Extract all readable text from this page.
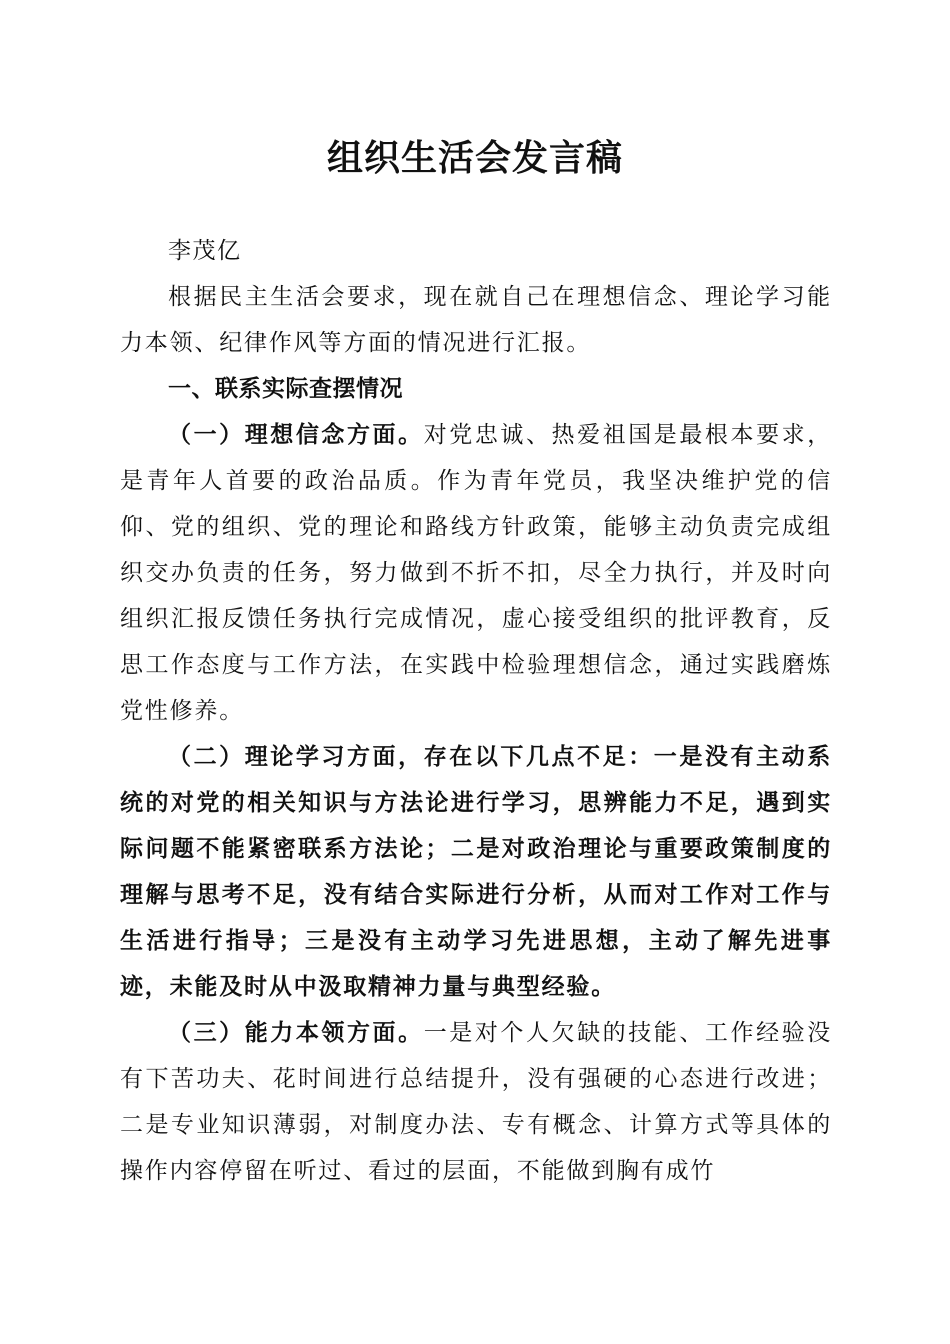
组织生活会发言稿

李茂亿

根据民主生活会要求，现在就自己在理想信念、理论学习能力本领、纪律作风等方面的情况进行汇报。

一、联系实际查摆情况

（一）理想信念方面。对党忠诚、热爱祖国是最根本要求，是青年人首要的政治品质。作为青年党员，我坚决维护党的信仰、党的组织、党的理论和路线方针政策，能够主动负责完成组织交办负责的任务，努力做到不折不扣，尽全力执行，并及时向组织汇报反馈任务执行完成情况，虚心接受组织的批评教育，反思工作态度与工作方法，在实践中检验理想信念，通过实践磨炼党性修养。

（二）理论学习方面，存在以下几点不足：一是没有主动系统的对党的相关知识与方法论进行学习，思辨能力不足，遇到实际问题不能紧密联系方法论；二是对政治理论与重要政策制度的理解与思考不足，没有结合实际进行分析，从而对工作对工作与生活进行指导；三是没有主动学习先进思想，主动了解先进事迹，未能及时从中汲取精神力量与典型经验。

（三）能力本领方面。一是对个人欠缺的技能、工作经验没有下苦功夫、花时间进行总结提升，没有强硬的心态进行改进；二是专业知识薄弱，对制度办法、专有概念、计算方式等具体的操作内容停留在听过、看过的层面，不能做到胸有成竹
